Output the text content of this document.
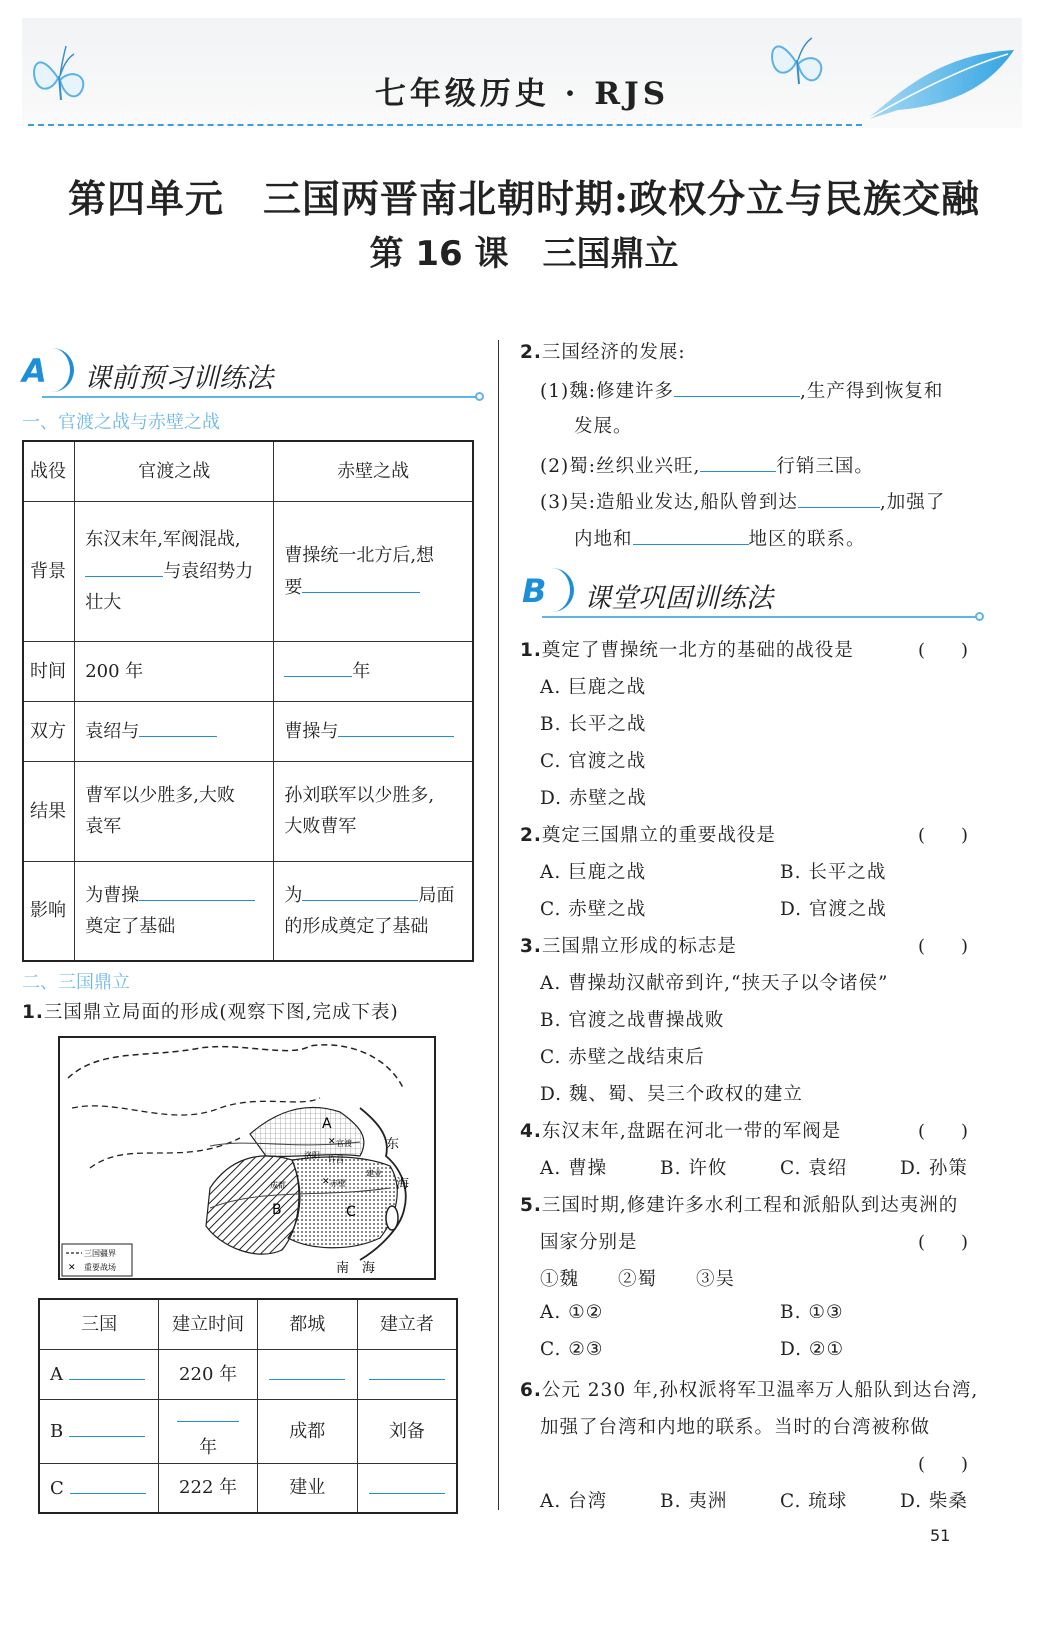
七年级历史 · RJS
第四单元　三国两晋南北朝时期:政权分立与民族交融
第 16 课　三国鼎立
A 课前预习训练法
一、官渡之战与赤壁之战
战役	官渡之战	赤壁之战
背景	东汉末年,军阀混战,
与袁绍势力
壮大	曹操统一北方后,想
要
时间	200 年	年
双方	袁绍与	曹操与
结果	曹军以少胜多,大败
袁军	孙刘联军以少胜多,
大败曹军
影响	为曹操
奠定了基础	为 局面
的形成奠定了基础
二、三国鼎立
1.三国鼎立局面的形成(观察下图,完成下表)
A
B	C
东
海
南　海
官渡
洛阳 许昌
赤壁
成都
建业
✕
✕
三国疆界
✕ 重要战场
三国	建立时间	都城	建立者
A	220 年		
B	年	成都	刘备
C	222 年	建业	
2.三国经济的发展:
(1)魏:修建许多	,生产得到恢复和
发展。
(2)蜀:丝织业兴旺,	行销三国。
(3)吴:造船业发达,船队曾到达	,加强了
内地和	地区的联系。
B 课堂巩固训练法
1.奠定了曹操统一北方的基础的战役是	(　　)
A. 巨鹿之战
B. 长平之战
C. 官渡之战
D. 赤壁之战
2.奠定三国鼎立的重要战役是	(　　)
A. 巨鹿之战	B. 长平之战
C. 赤壁之战	D. 官渡之战
3.三国鼎立形成的标志是	(　　)
A. 曹操劫汉献帝到许,“挟天子以令诸侯”
B. 官渡之战曹操战败
C. 赤壁之战结束后
D. 魏、蜀、吴三个政权的建立
4.东汉末年,盘踞在河北一带的军阀是	(　　)
A. 曹操	B. 许攸	C. 袁绍	D. 孙策
5.三国时期,修建许多水利工程和派船队到达夷洲的
国家分别是	(　　)
①魏　　②蜀　　③吴
A. ①②	B. ①③
C. ②③	D. ②①
6.公元 230 年,孙权派将军卫温率万人船队到达台湾,
加强了台湾和内地的联系。当时的台湾被称做
(　　)
A. 台湾	B. 夷洲	C. 琉球	D. 柴桑
51
